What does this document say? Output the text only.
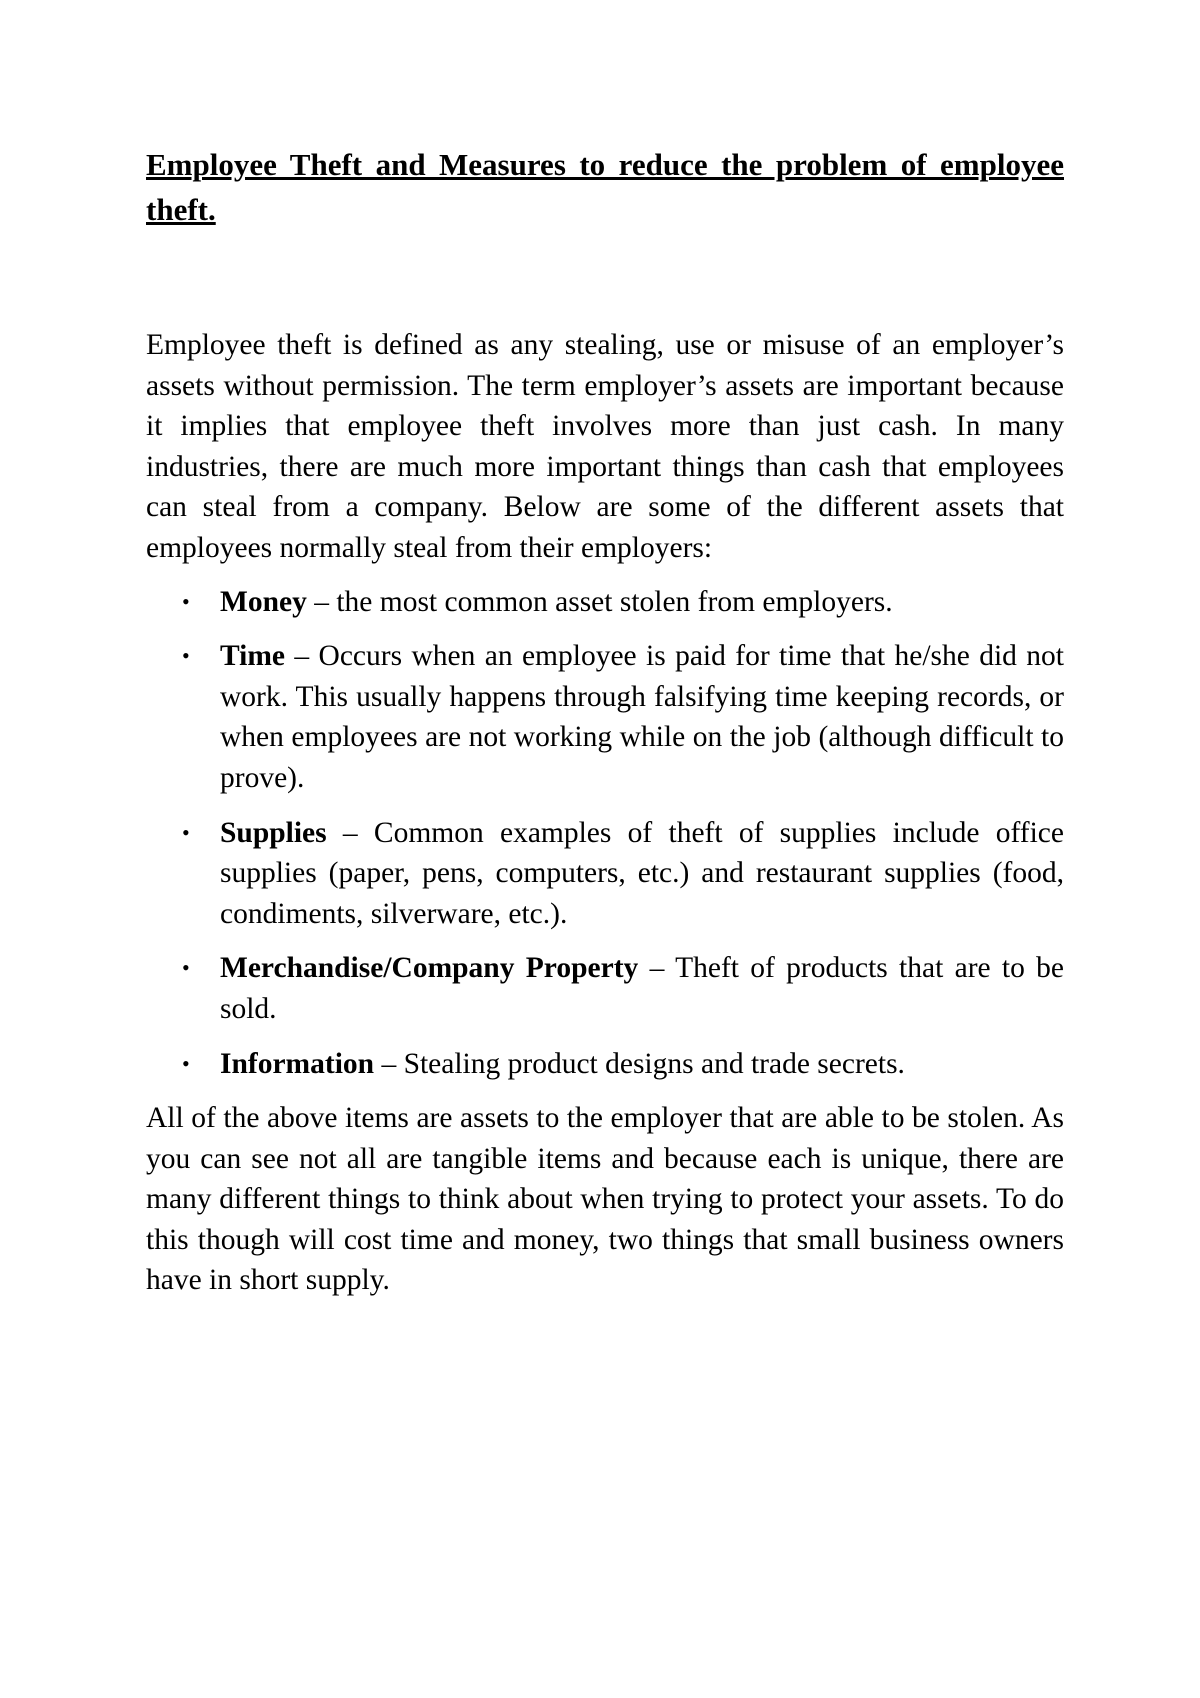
Employee Theft and Measures to reduce the problem of employee theft.

Employee theft is defined as any stealing, use or misuse of an employer’s assets without permission. The term employer’s assets are important because it implies that employee theft involves more than just cash. In many industries, there are much more important things than cash that employees can steal from a company. Below are some of the different assets that employees normally steal from their employers:

• Money – the most common asset stolen from employers.
• Time – Occurs when an employee is paid for time that he/she did not work. This usually happens through falsifying time keeping records, or when employees are not working while on the job (although difficult to prove).
• Supplies – Common examples of theft of supplies include office supplies (paper, pens, computers, etc.) and restaurant supplies (food, condiments, silverware, etc.).
• Merchandise/Company Property – Theft of products that are to be sold.
• Information – Stealing product designs and trade secrets.

All of the above items are assets to the employer that are able to be stolen. As you can see not all are tangible items and because each is unique, there are many different things to think about when trying to protect your assets. To do this though will cost time and money, two things that small business owners have in short supply.
